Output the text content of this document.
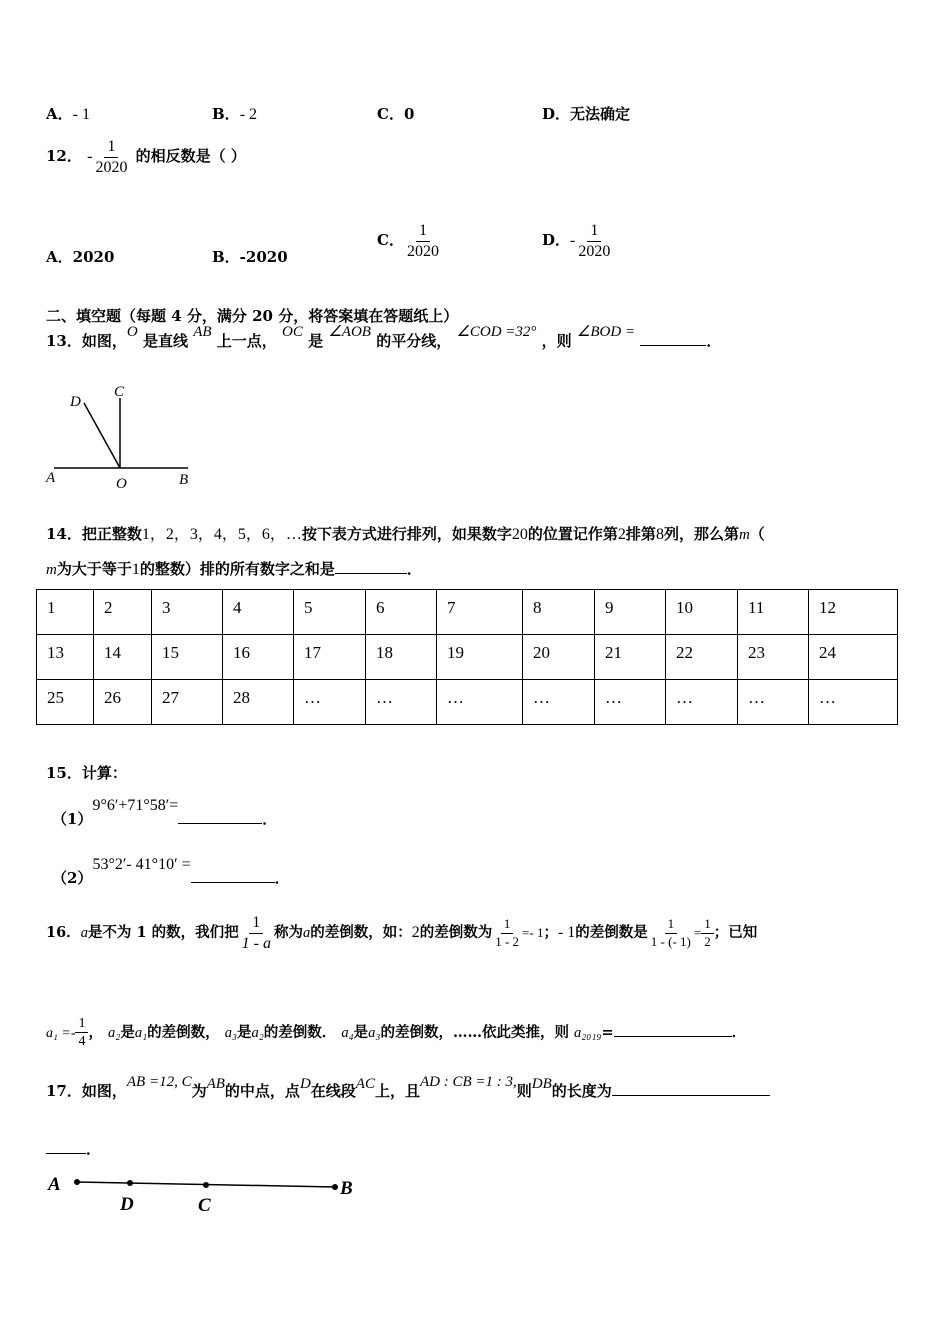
A．- 1	B．- 2	C．0	D．无法确定
12． - $\frac{1}{2020}$ 的相反数是（ ）
A．2020	B．-2020
C． $\frac{1}{2020}$	D．- $\frac{1}{2020}$
二、填空题（每题 4 分，满分 20 分，将答案填在答题纸上）
13．如图，O 是直线 AB 上一点， OC 是 ∠AOB 的平分线， ∠COD =32° ，则 ∠BOD =	．
D
C
A	O	B
14．把正整数1，2，3，4，5，6，…按下表方式进行排列，如果数字20的位置记作第2排第8列，那么第m（
m为大于等于1的整数）排的所有数字之和是	．
1	2	3	4	5	6	7	8	9	10	11	12
13	14	15	16	17	18	19	20	21	22	23	24
25	26	27	28	…	…	…	…	…	…	…	…
15．计算：
（1）9°6′+71°58′=．
（2）53°2′- 41°10′ =．
16．a是不为 1 的数，我们把 $\frac{1}{1 - a}$ 称为a的差倒数，如：2的差倒数为 $\frac{1}{1 - 2} =- 1$；- 1的差倒数是 $\frac{1}{1 - (- 1)} = \frac{1}{2}$ ；已知
$a_1 =- \frac{1}{4}$ ， a₂是a₁的差倒数， a₃是a₂的差倒数． a₄是a₃的差倒数，……依此类推，则 a₂₀₁₉=	．
17．如图，AB =12, C为AB的中点，点D在线段AC上，且AD : CB =1 : 3,则DB的长度为
．
A
D	C
B
